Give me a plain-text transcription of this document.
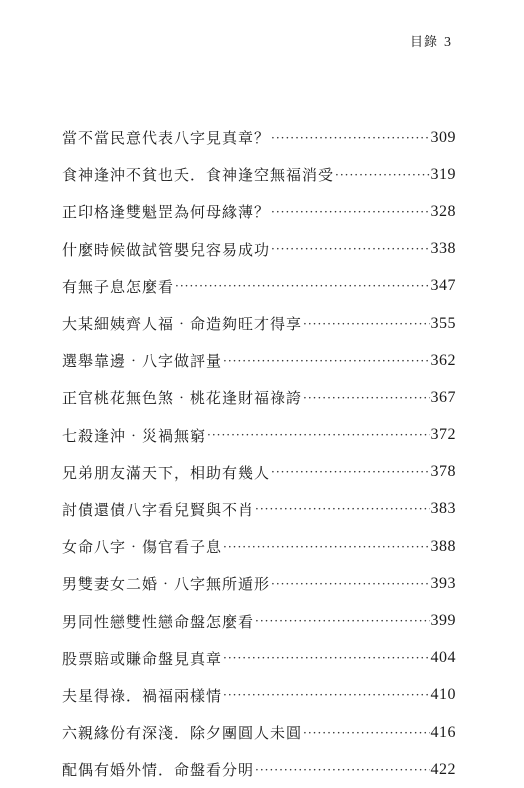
目錄 3
當不當民意代表八字見真章？ ·····	309
食神逢沖不貧也夭．食神逢空無福消受 ·····	319
正印格逢雙魁罡為何母緣薄？ ·····	328
什麼時候做試管嬰兒容易成功 ·····	338
有無子息怎麼看 ·····	347
大某細姨齊人福‧命造夠旺才得享 ·····	355
選舉靠邊‧八字做評量 ·····	362
正官桃花無色煞‧桃花逢財福祿誇 ·····	367
七殺逢沖‧災禍無窮 ·····	372
兄弟朋友滿天下，相助有幾人 ·····	378
討債還債八字看兒賢與不肖 ·····	383
女命八字‧傷官看子息 ·····	388
男雙妻女二婚‧八字無所遁形 ·····	393
男同性戀雙性戀命盤怎麼看 ·····	399
股票賠或賺命盤見真章 ·····	404
夫星得祿．禍福兩樣情 ·····	410
六親緣份有深淺．除夕團圓人未圓 ·····	416
配偶有婚外情．命盤看分明 ·····	422
